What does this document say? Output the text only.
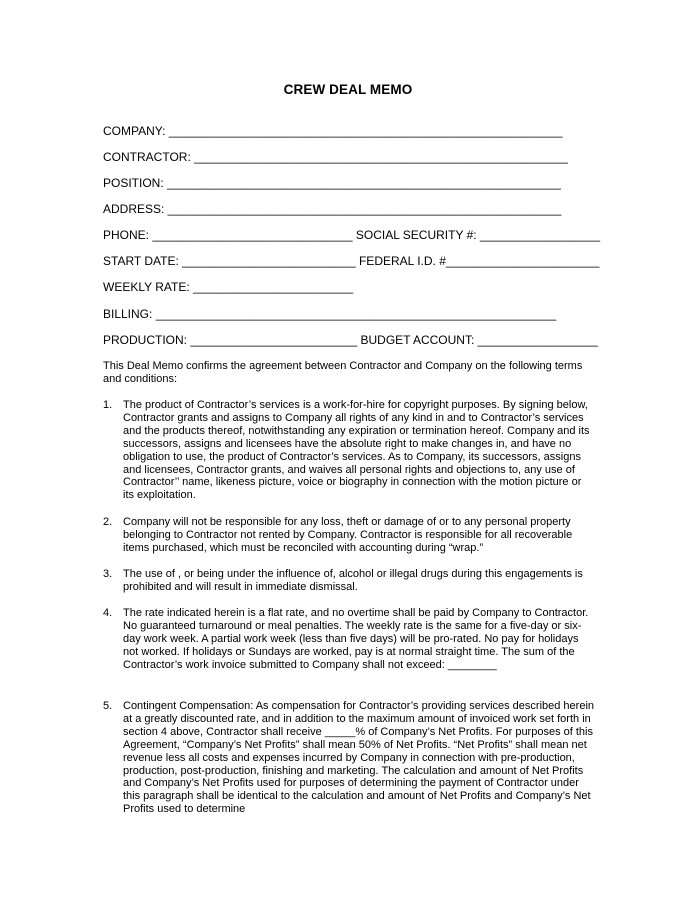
CREW DEAL MEMO
COMPANY: ___________________________________________________________
CONTRACTOR: ________________________________________________________
POSITION: ___________________________________________________________
ADDRESS: ___________________________________________________________
PHONE: ______________________________ SOCIAL SECURITY #: __________________
START DATE: __________________________ FEDERAL I.D. #_______________________
WEEKLY RATE: ________________________
BILLING: ____________________________________________________________
PRODUCTION: _________________________ BUDGET ACCOUNT: __________________
This Deal Memo confirms the agreement between Contractor and Company on the following terms and conditions:
1. The product of Contractor’s services is a work-for-hire for copyright purposes. By signing below, Contractor grants and assigns to Company all rights of any kind in and to Contractor’s services and the products thereof, notwithstanding any expiration or termination hereof. Company and its successors, assigns and licensees have the absolute right to make changes in, and have no obligation to use, the product of Contractor’s services. As to Company, its successors, assigns and licensees, Contractor grants, and waives all personal rights and objections to, any use of Contractor’’ name, likeness picture, voice or biography in connection with the motion picture or its exploitation.
2. Company will not be responsible for any loss, theft or damage of or to any personal property belonging to Contractor not rented by Company. Contractor is responsible for all recoverable items purchased, which must be reconciled with accounting during “wrap.”
3. The use of , or being under the influence of, alcohol or illegal drugs during this engagements is prohibited and will result in immediate dismissal.
4. The rate indicated herein is a flat rate, and no overtime shall be paid by Company to Contractor. No guaranteed turnaround or meal penalties. The weekly rate is the same for a five-day or six-day work week. A partial work week (less than five days) will be pro-rated. No pay for holidays not worked. If holidays or Sundays are worked, pay is at normal straight time. The sum of the Contractor’s work invoice submitted to Company shall not exceed: ________
5. Contingent Compensation: As compensation for Contractor’s providing services described herein at a greatly discounted rate, and in addition to the maximum amount of invoiced work set forth in section 4 above, Contractor shall receive _____% of Company’s Net Profits. For purposes of this Agreement, “Company’s Net Profits” shall mean 50% of Net Profits. “Net Profits” shall mean net revenue less all costs and expenses incurred by Company in connection with pre-production, production, post-production, finishing and marketing. The calculation and amount of Net Profits and Company’s Net Profits used for purposes of determining the payment of Contractor under this paragraph shall be identical to the calculation and amount of Net Profits and Company’s Net Profits used to determine
